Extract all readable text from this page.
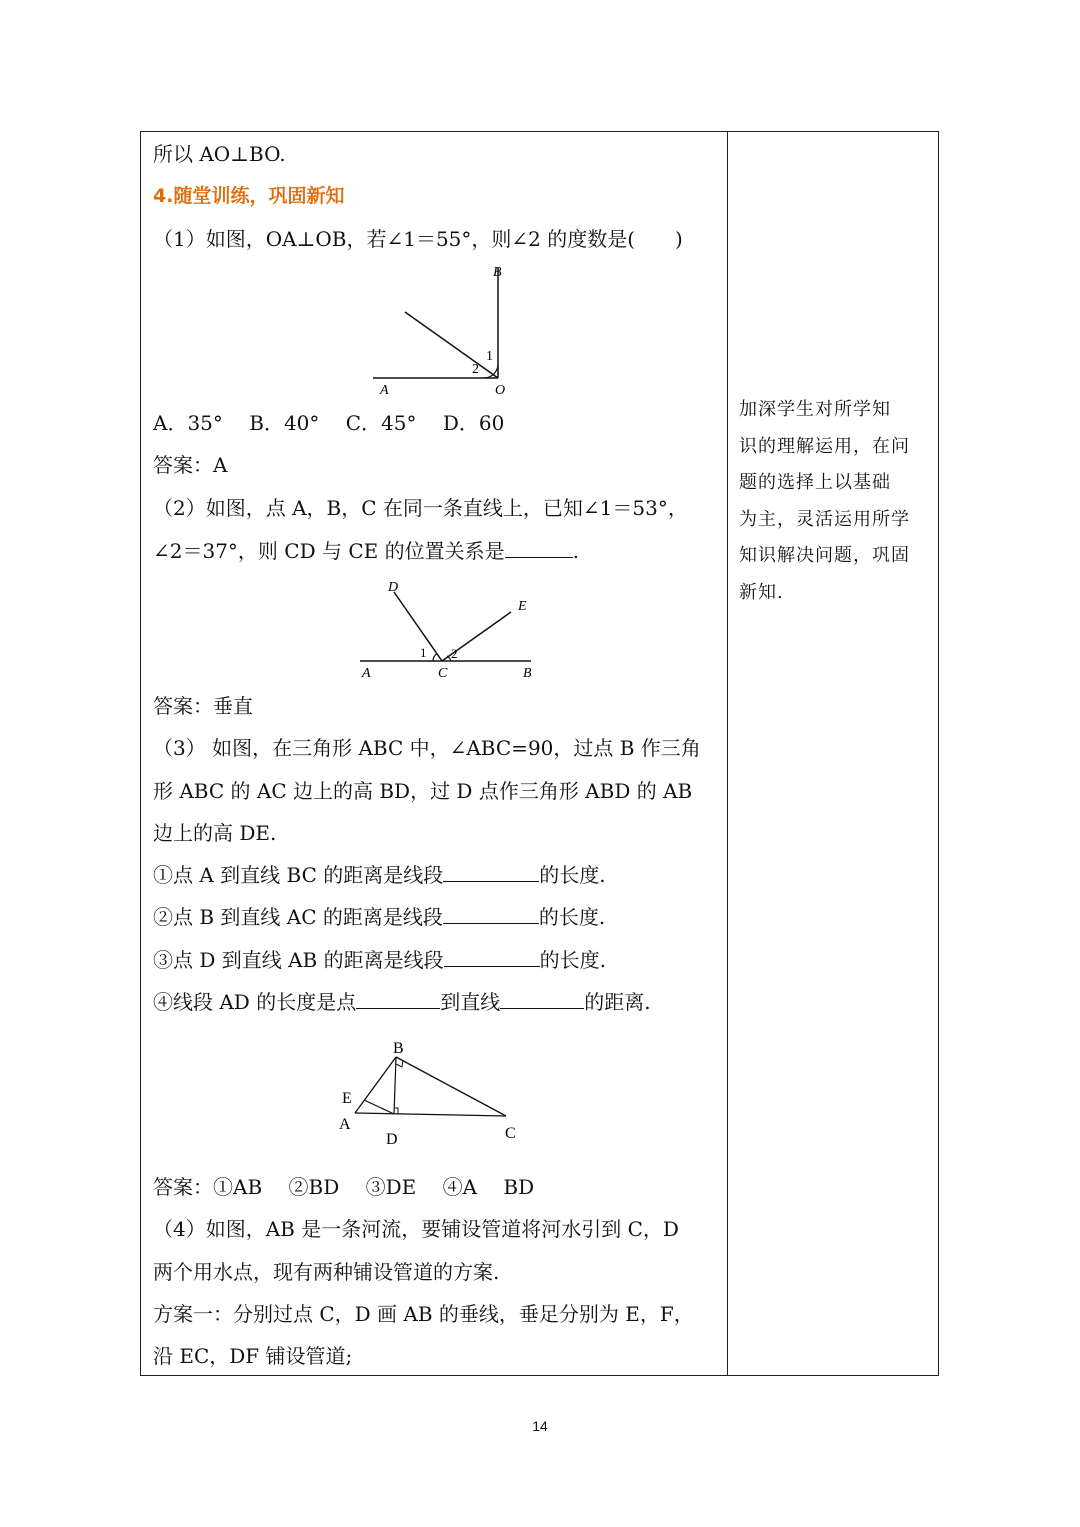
所以 AO⊥BO.
4.随堂训练，巩固新知
（1）如图，OA⊥OB，若∠1＝55°，则∠2 的度数是(　　)
B
A	O
1
2
A．35°　 B．40°　 C．45°　 D．60
答案：A
（2）如图，点 A，B，C 在同一条直线上，已知∠1＝53°，
∠2＝37°，则 CD 与 CE 的位置关系是	.
D
E
A	C	B
1 2
答案：垂直
（3） 如图，在三角形 ABC 中，∠ABC=90，过点 B 作三角
形 ABC 的 AC 边上的高 BD，过 D 点作三角形 ABD 的 AB
边上的高 DE.
①点 A 到直线 BC 的距离是线段	的长度.
②点 B 到直线 AC 的距离是线段	的长度.
③点 D 到直线 AB 的距离是线段	的长度.
④线段 AD 的长度是点	到直线	的距离.
B
E
A
D	C
答案：①AB　 ②BD　 ③DE　 ④A　 BD
（4）如图，AB 是一条河流，要铺设管道将河水引到 C，D
两个用水点，现有两种铺设管道的方案.
方案一：分别过点 C，D 画 AB 的垂线，垂足分别为 E，F，
沿 EC，DF 铺设管道;
加深学生对所学知
识的理解运用，在问
题的选择上以基础
为主，灵活运用所学
知识解决问题，巩固
新知.
14
